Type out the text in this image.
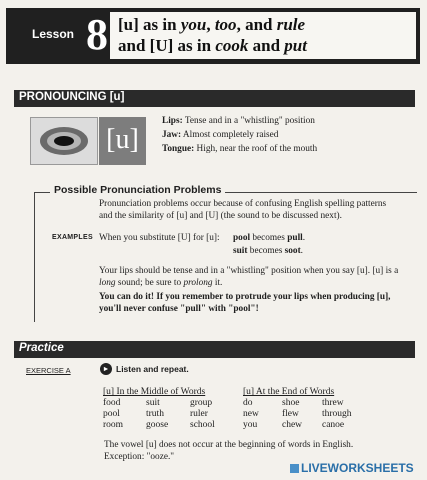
Lesson 8 [u] as in you, too, and rule
and [U] as in cook and put
PRONOUNCING [u]
[u]
Lips: Tense and in a "whistling" position
Jaw: Almost completely raised
Tongue: High, near the roof of the mouth
Possible Pronunciation Problems
Pronunciation problems occur because of confusing English spelling patterns
and the similarity of [u] and [U] (the sound to be discussed next).
EXAMPLES When you substitute [U] for [u]: pool becomes pull.
suit becomes soot.
Your lips should be tense and in a "whistling" position when you say [u]. [u] is a
long sound; be sure to prolong it.
You can do it! If you remember to protrude your lips when producing [u],
you'll never confuse "pull" with "pool"!
Practice
EXERCISE A	► Listen and repeat.
[u] In the Middle of Words	[u] At the End of Words
food
pool
room
suit
truth
goose
group
ruler
school
do
new
you
shoe
flew
chew
threw
through
canoe
The vowel [u] does not occur at the beginning of words in English.
Exception: "ooze."
LIVEWORKSHEETS
